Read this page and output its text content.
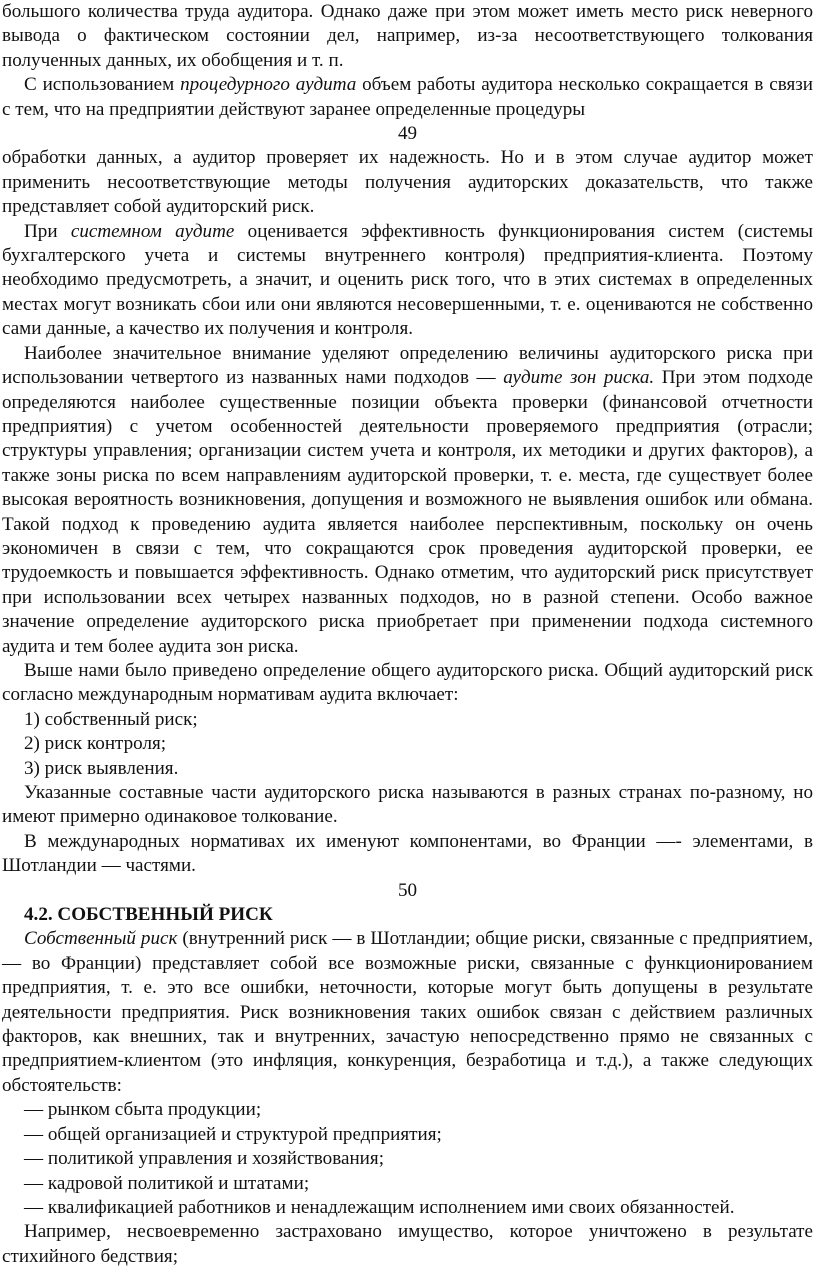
большого количества труда аудитора. Однако даже при этом может иметь место риск неверного вывода о фактическом состоянии дел, например, из-за несоответствующего толкования полученных данных, их обобщения и т. п.

С использованием процедурного аудита объем работы аудитора несколько сокращается в связи с тем, что на предприятии действуют заранее определенные процедуры

49

обработки данных, а аудитор проверяет их надежность. Но и в этом случае аудитор может применить несоответствующие методы получения аудиторских доказательств, что также представляет собой аудиторский риск.

При системном аудите оценивается эффективность функционирования систем (системы бухгалтерского учета и системы внутреннего контроля) предприятия-клиента. Поэтому необходимо предусмотреть, а значит, и оценить риск того, что в этих системах в определенных местах могут возникать сбои или они являются несовершенными, т. е. оцениваются не собственно сами данные, а качество их получения и контроля.

Наиболее значительное внимание уделяют определению величины аудиторского риска при использовании четвертого из названных нами подходов — аудите зон риска. При этом подходе определяются наиболее существенные позиции объекта проверки (финансовой отчетности предприятия) с учетом особенностей деятельности проверяемого предприятия (отрасли; структуры управления; организации систем учета и контроля, их методики и других факторов), а также зоны риска по всем направлениям аудиторской проверки, т. е. места, где существует более высокая вероятность возникновения, допущения и возможного не выявления ошибок или обмана. Такой подход к проведению аудита является наиболее перспективным, поскольку он очень экономичен в связи с тем, что сокращаются срок проведения аудиторской проверки, ее трудоемкость и повышается эффективность. Однако отметим, что аудиторский риск присутствует при использовании всех четырех названных подходов, но в разной степени. Особо важное значение определение аудиторского риска приобретает при применении подхода системного аудита и тем более аудита зон риска.

Выше нами было приведено определение общего аудиторского риска. Общий аудиторский риск согласно международным нормативам аудита включает:

1) собственный риск;

2) риск контроля;

3) риск выявления.

Указанные составные части аудиторского риска называются в разных странах по-разному, но имеют примерно одинаковое толкование.

В международных нормативах их именуют компонентами, во Франции —- элементами, в Шотландии — частями.

50

4.2. СОБСТВЕННЫЙ РИСК

Собственный риск (внутренний риск — в Шотландии; общие риски, связанные с предприятием, — во Франции) представляет собой все возможные риски, связанные с функционированием предприятия, т. е. это все ошибки, неточности, которые могут быть допущены в результате деятельности предприятия. Риск возникновения таких ошибок связан с действием различных факторов, как внешних, так и внутренних, зачастую непосредственно прямо не связанных с предприятием-клиентом (это инфляция, конкуренция, безработица и т.д.), а также следующих обстоятельств:

— рынком сбыта продукции;

— общей организацией и структурой предприятия;

— политикой управления и хозяйствования;

— кадровой политикой и штатами;

— квалификацией работников и ненадлежащим исполнением ими своих обязанностей.

Например, несвоевременно застраховано имущество, которое уничтожено в результате стихийного бедствия;
